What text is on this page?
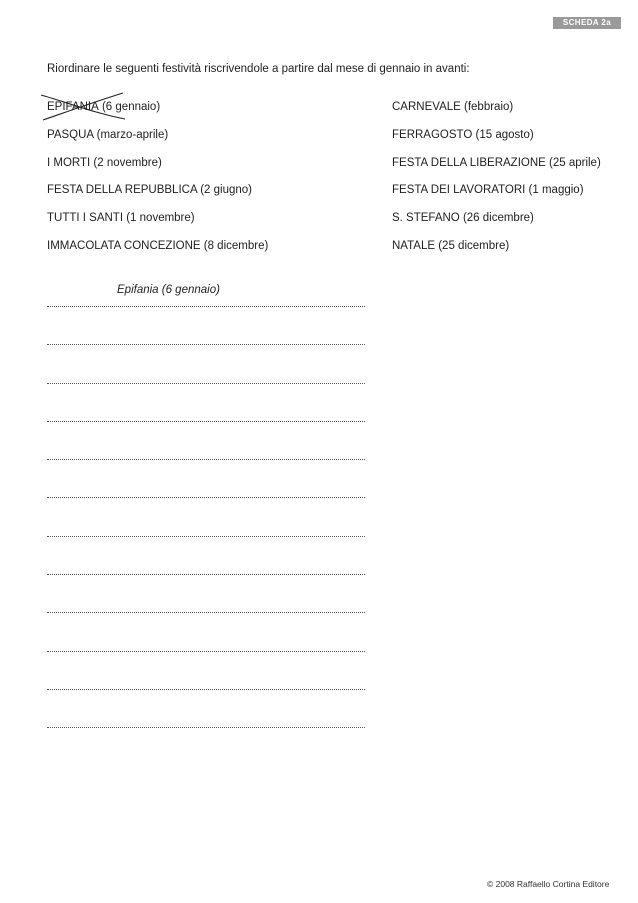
SCHEDA 2a
Riordinare le seguenti festività riscrivendole a partire dal mese di gennaio in avanti:
EPIFANIA
(6 gennaio)
PASQUA (marzo-aprile)
I MORTI (2 novembre)
FESTA DELLA REPUBBLICA (2 giugno)
TUTTI I SANTI (1 novembre)
IMMACOLATA CONCEZIONE (8 dicembre)
CARNEVALE (febbraio)
FERRAGOSTO (15 agosto)
FESTA DELLA LIBERAZIONE (25 aprile)
FESTA DEI LAVORATORI (1 maggio)
S. STEFANO (26 dicembre)
NATALE (25 dicembre)
Epifania (6 gennaio)
© 2008 Raffaello Cortina Editore
